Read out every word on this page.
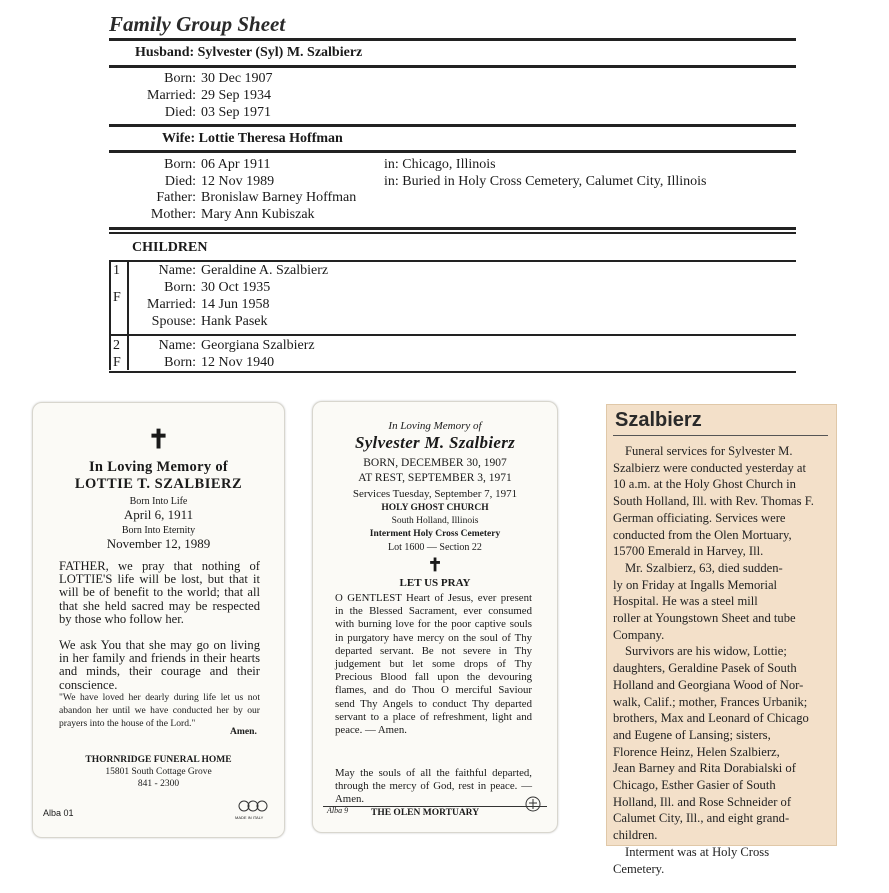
Family Group Sheet
Husband: Sylvester (Syl) M. Szalbierz
Born: 30 Dec 1907
Married: 29 Sep 1934
Died: 03 Sep 1971
Wife: Lottie Theresa Hoffman
Born: 06 Apr 1911	in: Chicago, Illinois
Died: 12 Nov 1989	in: Buried in Holy Cross Cemetery, Calumet City, Illinois
Father: Bronislaw Barney Hoffman
Mother: Mary Ann Kubiszak
CHILDREN
1
F
Name: Geraldine A. Szalbierz
Born: 30 Oct 1935
Married: 14 Jun 1958
Spouse: Hank Pasek
2
F
Name: Georgiana Szalbierz
Born: 12 Nov 1940
✝
In Loving Memory of
LOTTIE T. SZALBIERZ
Born Into Life
April 6, 1911
Born Into Eternity
November 12, 1989
FATHER, we pray that nothing of LOTTIE'S life will be lost, but that it will be of benefit to the world; that all that she held sacred may be respected by those who follow her.
We ask You that she may go on living in her family and friends in their hearts and minds, their courage and their conscience.
"We have loved her dearly during life let us not abandon her until we have conducted her by our prayers into the house of the Lord."
Amen.
THORNRIDGE FUNERAL HOME
15801 South Cottage Grove
841 - 2300
Alba 01	MADE IN ITALY
In Loving Memory of
Sylvester M. Szalbierz
BORN, DECEMBER 30, 1907
AT REST, SEPTEMBER 3, 1971
Services Tuesday, September 7, 1971
HOLY GHOST CHURCH
South Holland, Illinois
Interment Holy Cross Cemetery
Lot 1600 — Section 22
✝
LET US PRAY
O GENTLEST Heart of Jesus, ever present in the Blessed Sacrament, ever consumed with burning love for the poor captive souls in purgatory have mercy on the soul of Thy departed servant. Be not severe in Thy judgement but let some drops of Thy Precious Blood fall upon the devouring flames, and do Thou O merciful Saviour send Thy Angels to conduct Thy departed servant to a place of refreshment, light and peace. — Amen.
May the souls of all the faithful departed, through the mercy of God, rest in peace. — Amen.
Alba 9 THE OLEN MORTUARY
Szalbierz
Funeral services for Sylvester M.
Szalbierz were conducted yesterday at
10 a.m. at the Holy Ghost Church in
South Holland, Ill. with Rev. Thomas F.
German officiating. Services were
conducted from the Olen Mortuary,
15700 Emerald in Harvey, Ill.
Mr. Szalbierz, 63, died sudden-
ly on Friday at Ingalls Memorial
Hospital. He was a steel mill
roller at Youngstown Sheet and tube
Company.
Survivors are his widow, Lottie;
daughters, Geraldine Pasek of South
Holland and Georgiana Wood of Nor-
walk, Calif.; mother, Frances Urbanik;
brothers, Max and Leonard of Chicago
and Eugene of Lansing; sisters,
Florence Heinz, Helen Szalbierz,
Jean Barney and Rita Dorabialski of
Chicago, Esther Gasier of South
Holland, Ill. and Rose Schneider of
Calumet City, Ill., and eight grand-
children.
Interment was at Holy Cross
Cemetery.
